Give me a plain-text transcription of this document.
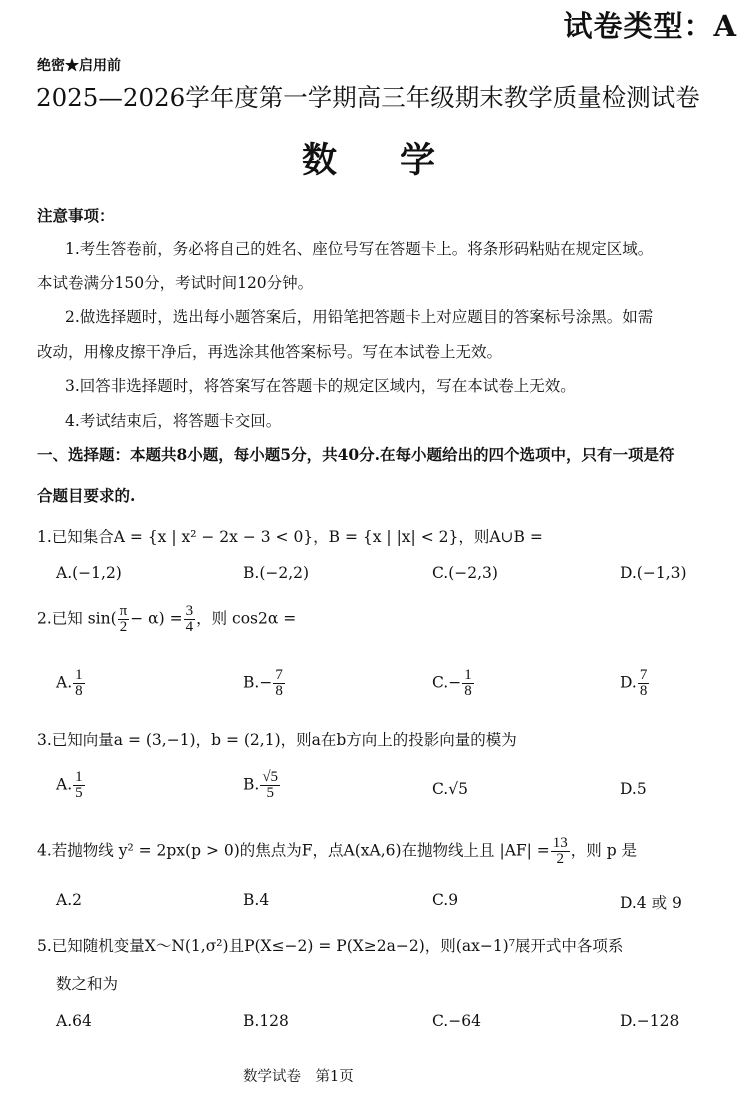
试卷类型：A
绝密★启用前
2025—2026学年度第一学期高三年级期末教学质量检测试卷
数　学
注意事项：
1.考生答卷前，务必将自己的姓名、座位号写在答题卡上。将条形码粘贴在规定区域。
本试卷满分150分，考试时间120分钟。
2.做选择题时，选出每小题答案后，用铅笔把答题卡上对应题目的答案标号涂黑。如需
改动，用橡皮擦干净后，再选涂其他答案标号。写在本试卷上无效。
3.回答非选择题时，将答案写在答题卡的规定区域内，写在本试卷上无效。
4.考试结束后，将答题卡交回。
一、选择题：本题共8小题，每小题5分，共40分.在每小题给出的四个选项中，只有一项是符
合题目要求的.
1.已知集合A = {x | x² − 2x − 3 < 0}，B = {x | |x| < 2}，则A∪B =
A.(−1,2)	B.(−2,2)	C.(−2,3)	D.(−1,3)
2.已知 $\sin( \frac{\pi}{2} - \alpha) = \frac{3}{4}$ ，则 cos2α =
A. $\frac{1}{8}$	$B.- \frac{7}{8}$	$C.- \frac{1}{8}$	D. $\frac{7}{8}$
3.已知向量a = (3,−1)，b = (2,1)，则a在b方向上的投影向量的模为
A. $\frac{1}{5}$	B. $\frac{√5}{5}$	C.√5	D.5
4.若抛物线 y² = 2px(p > 0)的焦点为F，点A(xA,6)在抛物线上且 $|AF| = \frac{13}{2}$ ，则 p 是
A.2	B.4	C.9	D.4 或 9
5.已知随机变量X～N(1,σ²)且P(X≤−2) = P(X≥2a−2)，则(ax−1)⁷展开式中各项系
数之和为
A.64	B.128	C.−64	D.−128
数学试卷　第1页
